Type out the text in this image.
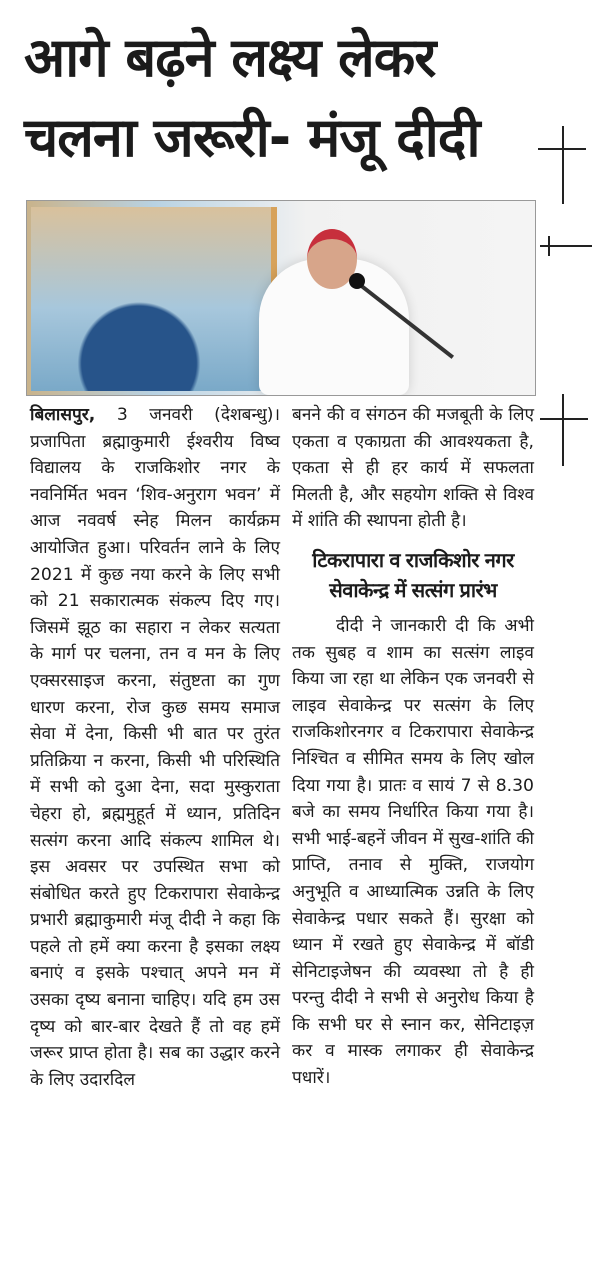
आगे बढ़ने लक्ष्य लेकर
चलना जरूरी- मंजू दीदी

बिलासपुर, 3 जनवरी (देशबन्धु)। प्रजापिता ब्रह्माकुमारी ईश्वरीय विष्व विद्यालय के राजकिशोर नगर के नवनिर्मित भवन ‘शिव-अनुराग भवन’ में आज नववर्ष स्नेह मिलन कार्यक्रम आयोजित हुआ। परिवर्तन लाने के लिए 2021 में कुछ नया करने के लिए सभी को 21 सकारात्मक संकल्प दिए गए। जिसमें झूठ का सहारा न लेकर सत्यता के मार्ग पर चलना, तन व मन के लिए एक्सरसाइज करना, संतुष्टता का गुण धारण करना, रोज कुछ समय समाज सेवा में देना, किसी भी बात पर तुरंत प्रतिक्रिया न करना, किसी भी परिस्थिति में सभी को दुआ देना, सदा मुस्कुराता चेहरा हो, ब्रह्ममुहूर्त में ध्यान, प्रतिदिन सत्संग करना आदि संकल्प शामिल थे। इस अवसर पर उपस्थित सभा को संबोधित करते हुए टिकरापारा सेवाकेन्द्र प्रभारी ब्रह्माकुमारी मंजू दीदी ने कहा कि पहले तो हमें क्या करना है इसका लक्ष्य बनाएं व इसके पश्चात् अपने मन में उसका दृष्य बनाना चाहिए। यदि हम उस दृष्य को बार-बार देखते हैं तो वह हमें जरूर प्राप्त होता है। सब का उद्धार करने के लिए उदारदिल

बनने की व संगठन की मजबूती के लिए एकता व एकाग्रता की आवश्यकता है, एकता से ही हर कार्य में सफलता मिलती है, और सहयोग शक्ति से विश्व में शांति की स्थापना होती है।

टिकरापारा व राजकिशोर नगर सेवाकेन्द्र में सत्संग प्रारंभ

दीदी ने जानकारी दी कि अभी तक सुबह व शाम का सत्संग लाइव किया जा रहा था लेकिन एक जनवरी से लाइव सेवाकेन्द्र पर सत्संग के लिए राजकिशोरनगर व टिकरापारा सेवाकेन्द्र निश्चित व सीमित समय के लिए खोल दिया गया है। प्रातः व सायं 7 से 8.30 बजे का समय निर्धारित किया गया है। सभी भाई-बहनें जीवन में सुख-शांति की प्राप्ति, तनाव से मुक्ति, राजयोग अनुभूति व आध्यात्मिक उन्नति के लिए सेवाकेन्द्र पधार सकते हैं। सुरक्षा को ध्यान में रखते हुए सेवाकेन्द्र में बॉडी सेनिटाइजेषन की व्यवस्था तो है ही परन्तु दीदी ने सभी से अनुरोध किया है कि सभी घर से स्नान कर, सेनिटाइज़ कर व मास्क लगाकर ही सेवाकेन्द्र पधारें।
